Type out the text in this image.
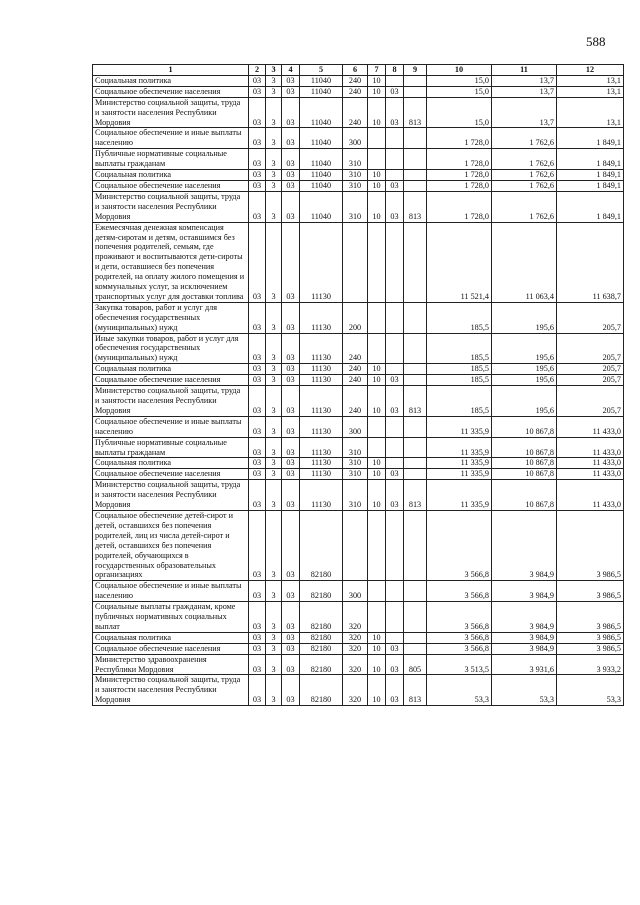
588
1	2	3	4	5	6	7	8	9	10	11	12
Социальная политика	03	3	03	11040	240	10			15,0	13,7	13,1
Социальное обеспечение населения	03	3	03	11040	240	10	03		15,0	13,7	13,1
Министерство социальной защиты, труда и занятости населения Республики Мордовия	03	3	03	11040	240	10	03	813	15,0	13,7	13,1
Социальное обеспечение и иные выплаты населению	03	3	03	11040	300				1 728,0	1 762,6	1 849,1
Публичные нормативные социальные выплаты гражданам	03	3	03	11040	310				1 728,0	1 762,6	1 849,1
Социальная политика	03	3	03	11040	310	10			1 728,0	1 762,6	1 849,1
Социальное обеспечение населения	03	3	03	11040	310	10	03		1 728,0	1 762,6	1 849,1
Министерство социальной защиты, труда и занятости населения Республики Мордовия	03	3	03	11040	310	10	03	813	1 728,0	1 762,6	1 849,1
Ежемесячная денежная компенсация детям-сиротам и детям, оставшимся без попечения родителей, семьям, где проживают и воспитываются дети-сироты и дети, оставшиеся без попечения родителей, на оплату жилого помещения и коммунальных услуг, за исключением транспортных услуг для доставки топлива	03	3	03	11130					11 521,4	11 063,4	11 638,7
Закупка товаров, работ и услуг для обеспечения государственных (муниципальных) нужд	03	3	03	11130	200				185,5	195,6	205,7
Иные закупки товаров, работ и услуг для обеспечения государственных (муниципальных) нужд	03	3	03	11130	240				185,5	195,6	205,7
Социальная политика	03	3	03	11130	240	10			185,5	195,6	205,7
Социальное обеспечение населения	03	3	03	11130	240	10	03		185,5	195,6	205,7
Министерство социальной защиты, труда и занятости населения Республики Мордовия	03	3	03	11130	240	10	03	813	185,5	195,6	205,7
Социальное обеспечение и иные выплаты населению	03	3	03	11130	300				11 335,9	10 867,8	11 433,0
Публичные нормативные социальные выплаты гражданам	03	3	03	11130	310				11 335,9	10 867,8	11 433,0
Социальная политика	03	3	03	11130	310	10			11 335,9	10 867,8	11 433,0
Социальное обеспечение населения	03	3	03	11130	310	10	03		11 335,9	10 867,8	11 433,0
Министерство социальной защиты, труда и занятости населения Республики Мордовия	03	3	03	11130	310	10	03	813	11 335,9	10 867,8	11 433,0
Социальное обеспечение детей-сирот и детей, оставшихся без попечения родителей, лиц из числа детей-сирот и детей, оставшихся без попечения родителей, обучающихся в государственных образовательных организациях	03	3	03	82180					3 566,8	3 984,9	3 986,5
Социальное обеспечение и иные выплаты населению	03	3	03	82180	300				3 566,8	3 984,9	3 986,5
Социальные выплаты гражданам, кроме публичных нормативных социальных выплат	03	3	03	82180	320				3 566,8	3 984,9	3 986,5
Социальная политика	03	3	03	82180	320	10			3 566,8	3 984,9	3 986,5
Социальное обеспечение населения	03	3	03	82180	320	10	03		3 566,8	3 984,9	3 986,5
Министерство здравоохранения Республики Мордовия	03	3	03	82180	320	10	03	805	3 513,5	3 931,6	3 933,2
Министерство социальной защиты, труда и занятости населения Республики Мордовия	03	3	03	82180	320	10	03	813	53,3	53,3	53,3
